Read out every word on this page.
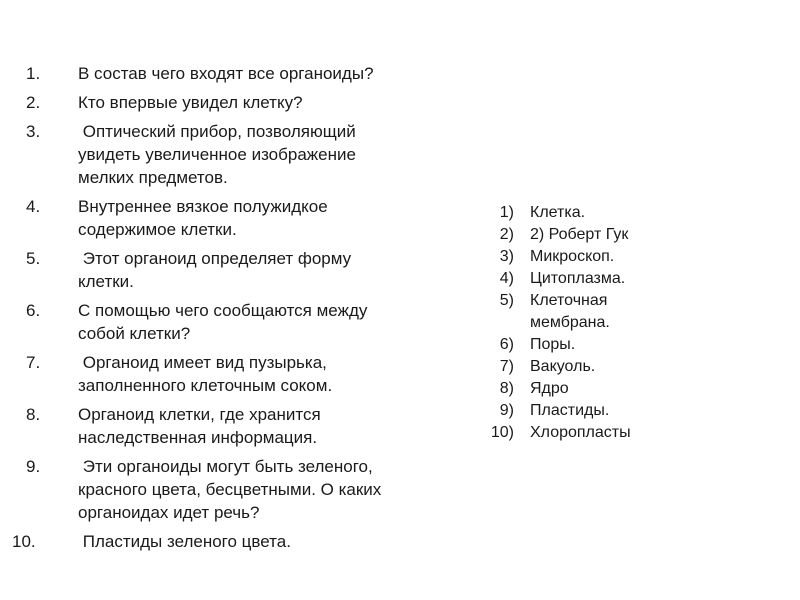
1. В состав чего входят все органоиды?
2. Кто впервые увидел клетку?
3. Оптический прибор, позволяющий увидеть увеличенное изображение мелких предметов.
4. Внутреннее вязкое полужидкое содержимое клетки.
5. Этот органоид определяет форму клетки.
6. С помощью чего сообщаются между собой клетки?
7. Органоид имеет вид пузырька, заполненного клеточным соком.
8. Органоид клетки, где хранится наследственная информация.
9. Эти органоиды могут быть зеленого, красного цвета, бесцветными. О каких органоидах идет речь?
10. Пластиды зеленого цвета.
1) Клетка.
2) 2) Роберт Гук
3) Микроскоп.
4) Цитоплазма.
5) Клеточная мембрана.
6) Поры.
7) Вакуоль.
8) Ядро
9) Пластиды.
10) Хлоропласты
